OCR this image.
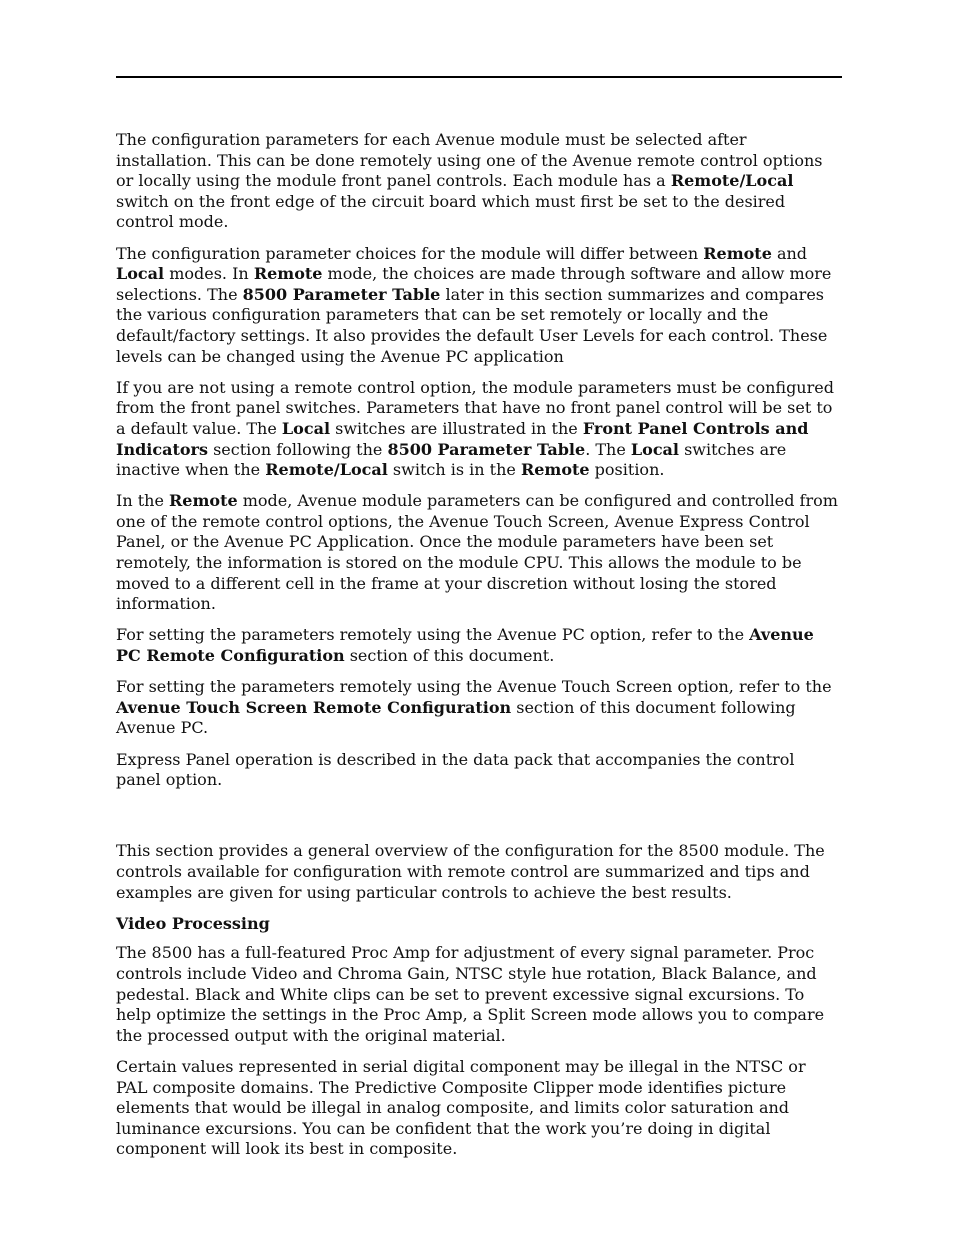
The configuration parameters for each Avenue module must be selected after installation. This can be done remotely using one of the Avenue remote control options or locally using the module front panel controls. Each module has a Remote/Local switch on the front edge of the circuit board which must first be set to the desired control mode.

The configuration parameter choices for the module will differ between Remote and Local modes. In Remote mode, the choices are made through software and allow more selections. The 8500 Parameter Table later in this section summarizes and compares the various configuration parameters that can be set remotely or locally and the default/factory settings. It also provides the default User Levels for each control. These levels can be changed using the Avenue PC application

If you are not using a remote control option, the module parameters must be configured from the front panel switches. Parameters that have no front panel control will be set to a default value. The Local switches are illustrated in the Front Panel Controls and Indicators section following the 8500 Parameter Table. The Local switches are inactive when the Remote/Local switch is in the Remote position.

In the Remote mode, Avenue module parameters can be configured and controlled from one of the remote control options, the Avenue Touch Screen, Avenue Express Control Panel, or the Avenue PC Application. Once the module parameters have been set remotely, the information is stored on the module CPU. This allows the module to be moved to a different cell in the frame at your discretion without losing the stored information.

For setting the parameters remotely using the Avenue PC option, refer to the Avenue PC Remote Configuration section of this document.

For setting the parameters remotely using the Avenue Touch Screen option, refer to the Avenue Touch Screen Remote Configuration section of this document following Avenue PC.

Express Panel operation is described in the data pack that accompanies the control panel option.

This section provides a general overview of the configuration for the 8500 module. The controls available for configuration with remote control are summarized and tips and examples are given for using particular controls to achieve the best results.

Video Processing

The 8500 has a full-featured Proc Amp for adjustment of every signal parameter. Proc controls include Video and Chroma Gain, NTSC style hue rotation, Black Balance, and pedestal. Black and White clips can be set to prevent excessive signal excursions. To help optimize the settings in the Proc Amp, a Split Screen mode allows you to compare the processed output with the original material.

Certain values represented in serial digital component may be illegal in the NTSC or PAL composite domains. The Predictive Composite Clipper mode identifies picture elements that would be illegal in analog composite, and limits color saturation and luminance excursions. You can be confident that the work you’re doing in digital component will look its best in composite.
